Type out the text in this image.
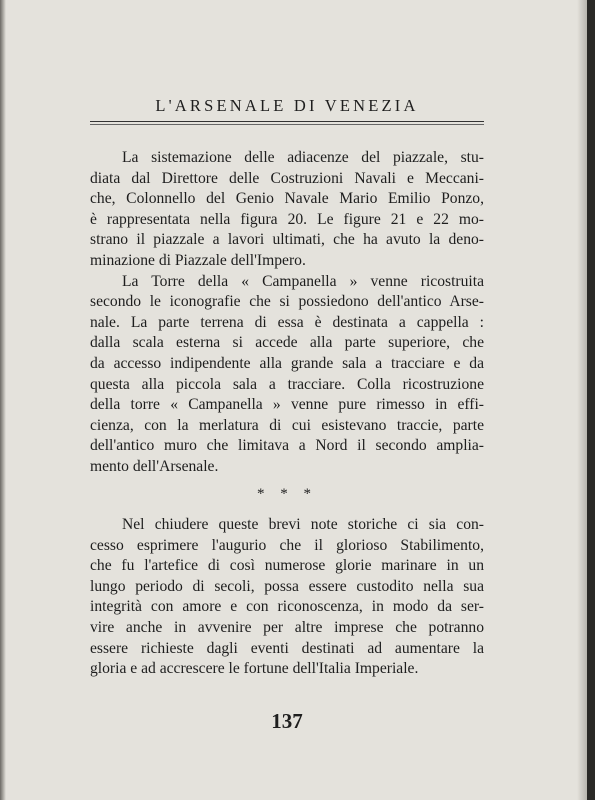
L'ARSENALE DI VENEZIA
La sistemazione delle adiacenze del piazzale, stu-
diata dal Direttore delle Costruzioni Navali e Meccani-
che, Colonnello del Genio Navale Mario Emilio Ponzo,
è rappresentata nella figura 20. Le figure 21 e 22 mo-
strano il piazzale a lavori ultimati, che ha avuto la deno-
minazione di Piazzale dell'Impero.
La Torre della « Campanella » venne ricostruita
secondo le iconografie che si possiedono dell'antico Arse-
nale. La parte terrena di essa è destinata a cappella :
dalla scala esterna si accede alla parte superiore, che
da accesso indipendente alla grande sala a tracciare e da
questa alla piccola sala a tracciare. Colla ricostruzione
della torre « Campanella » venne pure rimesso in effi-
cienza, con la merlatura di cui esistevano traccie, parte
dell'antico muro che limitava a Nord il secondo amplia-
mento dell'Arsenale.
* * *
Nel chiudere queste brevi note storiche ci sia con-
cesso esprimere l'augurio che il glorioso Stabilimento,
che fu l'artefice di così numerose glorie marinare in un
lungo periodo di secoli, possa essere custodito nella sua
integrità con amore e con riconoscenza, in modo da ser-
vire anche in avvenire per altre imprese che potranno
essere richieste dagli eventi destinati ad aumentare la
gloria e ad accrescere le fortune dell'Italia Imperiale.
137
